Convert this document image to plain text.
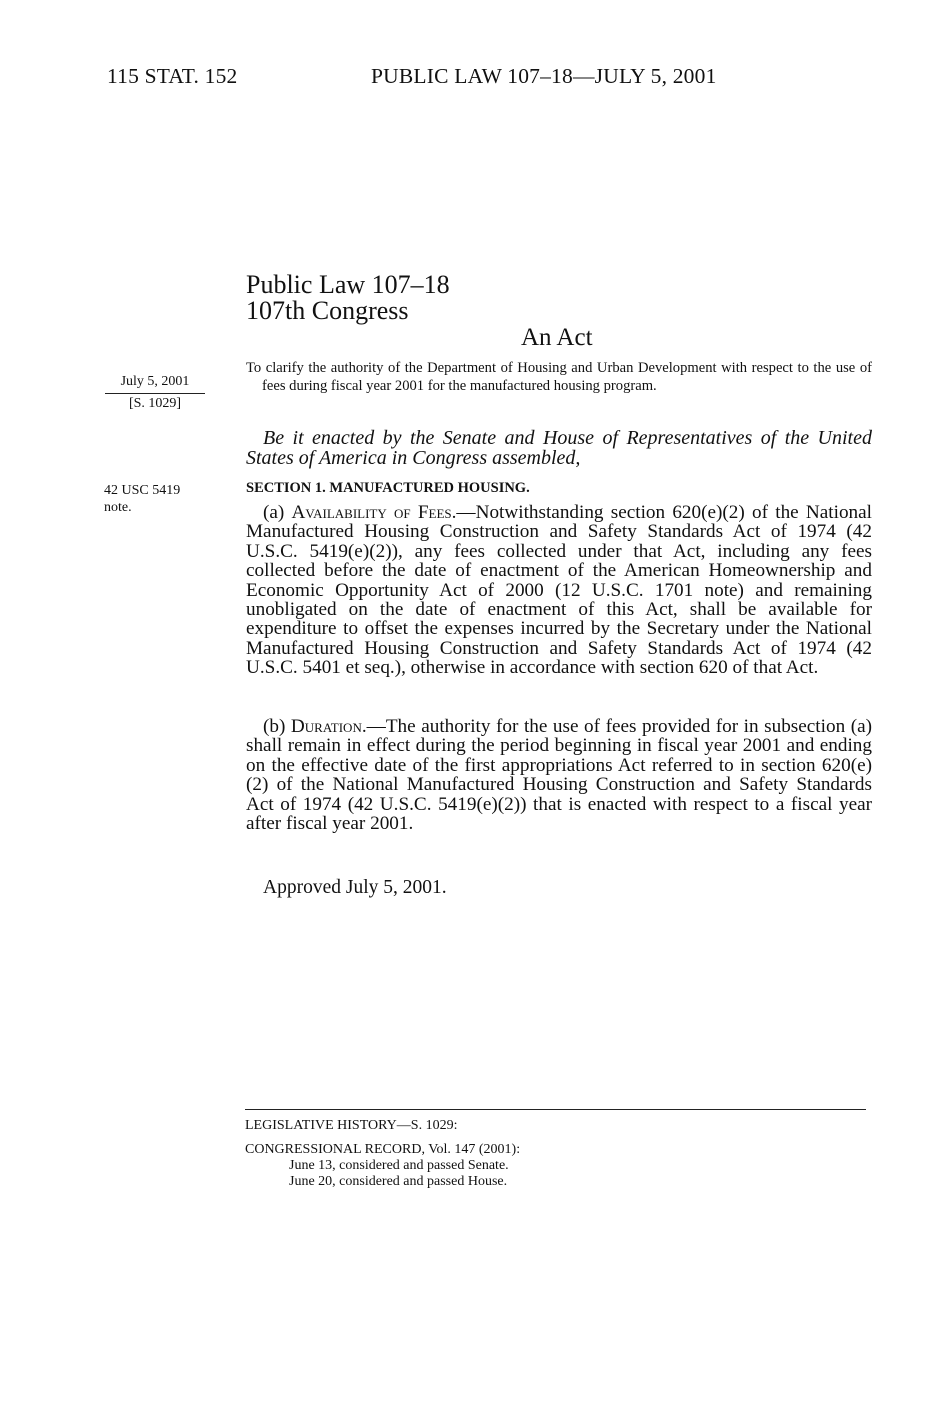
115 STAT. 152	PUBLIC LAW 107–18—JULY 5, 2001
Public Law 107–18
107th Congress
An Act
July 5, 2001
[S. 1029]
To clarify the authority of the Department of Housing and Urban Development with respect to the use of fees during fiscal year 2001 for the manufactured housing program.
Be it enacted by the Senate and House of Representatives of the United States of America in Congress assembled,
42 USC 5419
note.
SECTION 1. MANUFACTURED HOUSING.
(a) Availability of Fees.—Notwithstanding section 620(e)(2) of the National Manufactured Housing Construction and Safety Standards Act of 1974 (42 U.S.C. 5419(e)(2)), any fees collected under that Act, including any fees collected before the date of enactment of the American Homeownership and Economic Opportunity Act of 2000 (12 U.S.C. 1701 note) and remaining unobligated on the date of enactment of this Act, shall be available for expenditure to offset the expenses incurred by the Secretary under the National Manufactured Housing Construction and Safety Standards Act of 1974 (42 U.S.C. 5401 et seq.), otherwise in accordance with section 620 of that Act.
(b) Duration.—The authority for the use of fees provided for in subsection (a) shall remain in effect during the period beginning in fiscal year 2001 and ending on the effective date of the first appropriations Act referred to in section 620(e)(2) of the National Manufactured Housing Construction and Safety Standards Act of 1974 (42 U.S.C. 5419(e)(2)) that is enacted with respect to a fiscal year after fiscal year 2001.
Approved July 5, 2001.
LEGISLATIVE HISTORY—S. 1029:
CONGRESSIONAL RECORD, Vol. 147 (2001):
June 13, considered and passed Senate.
June 20, considered and passed House.
